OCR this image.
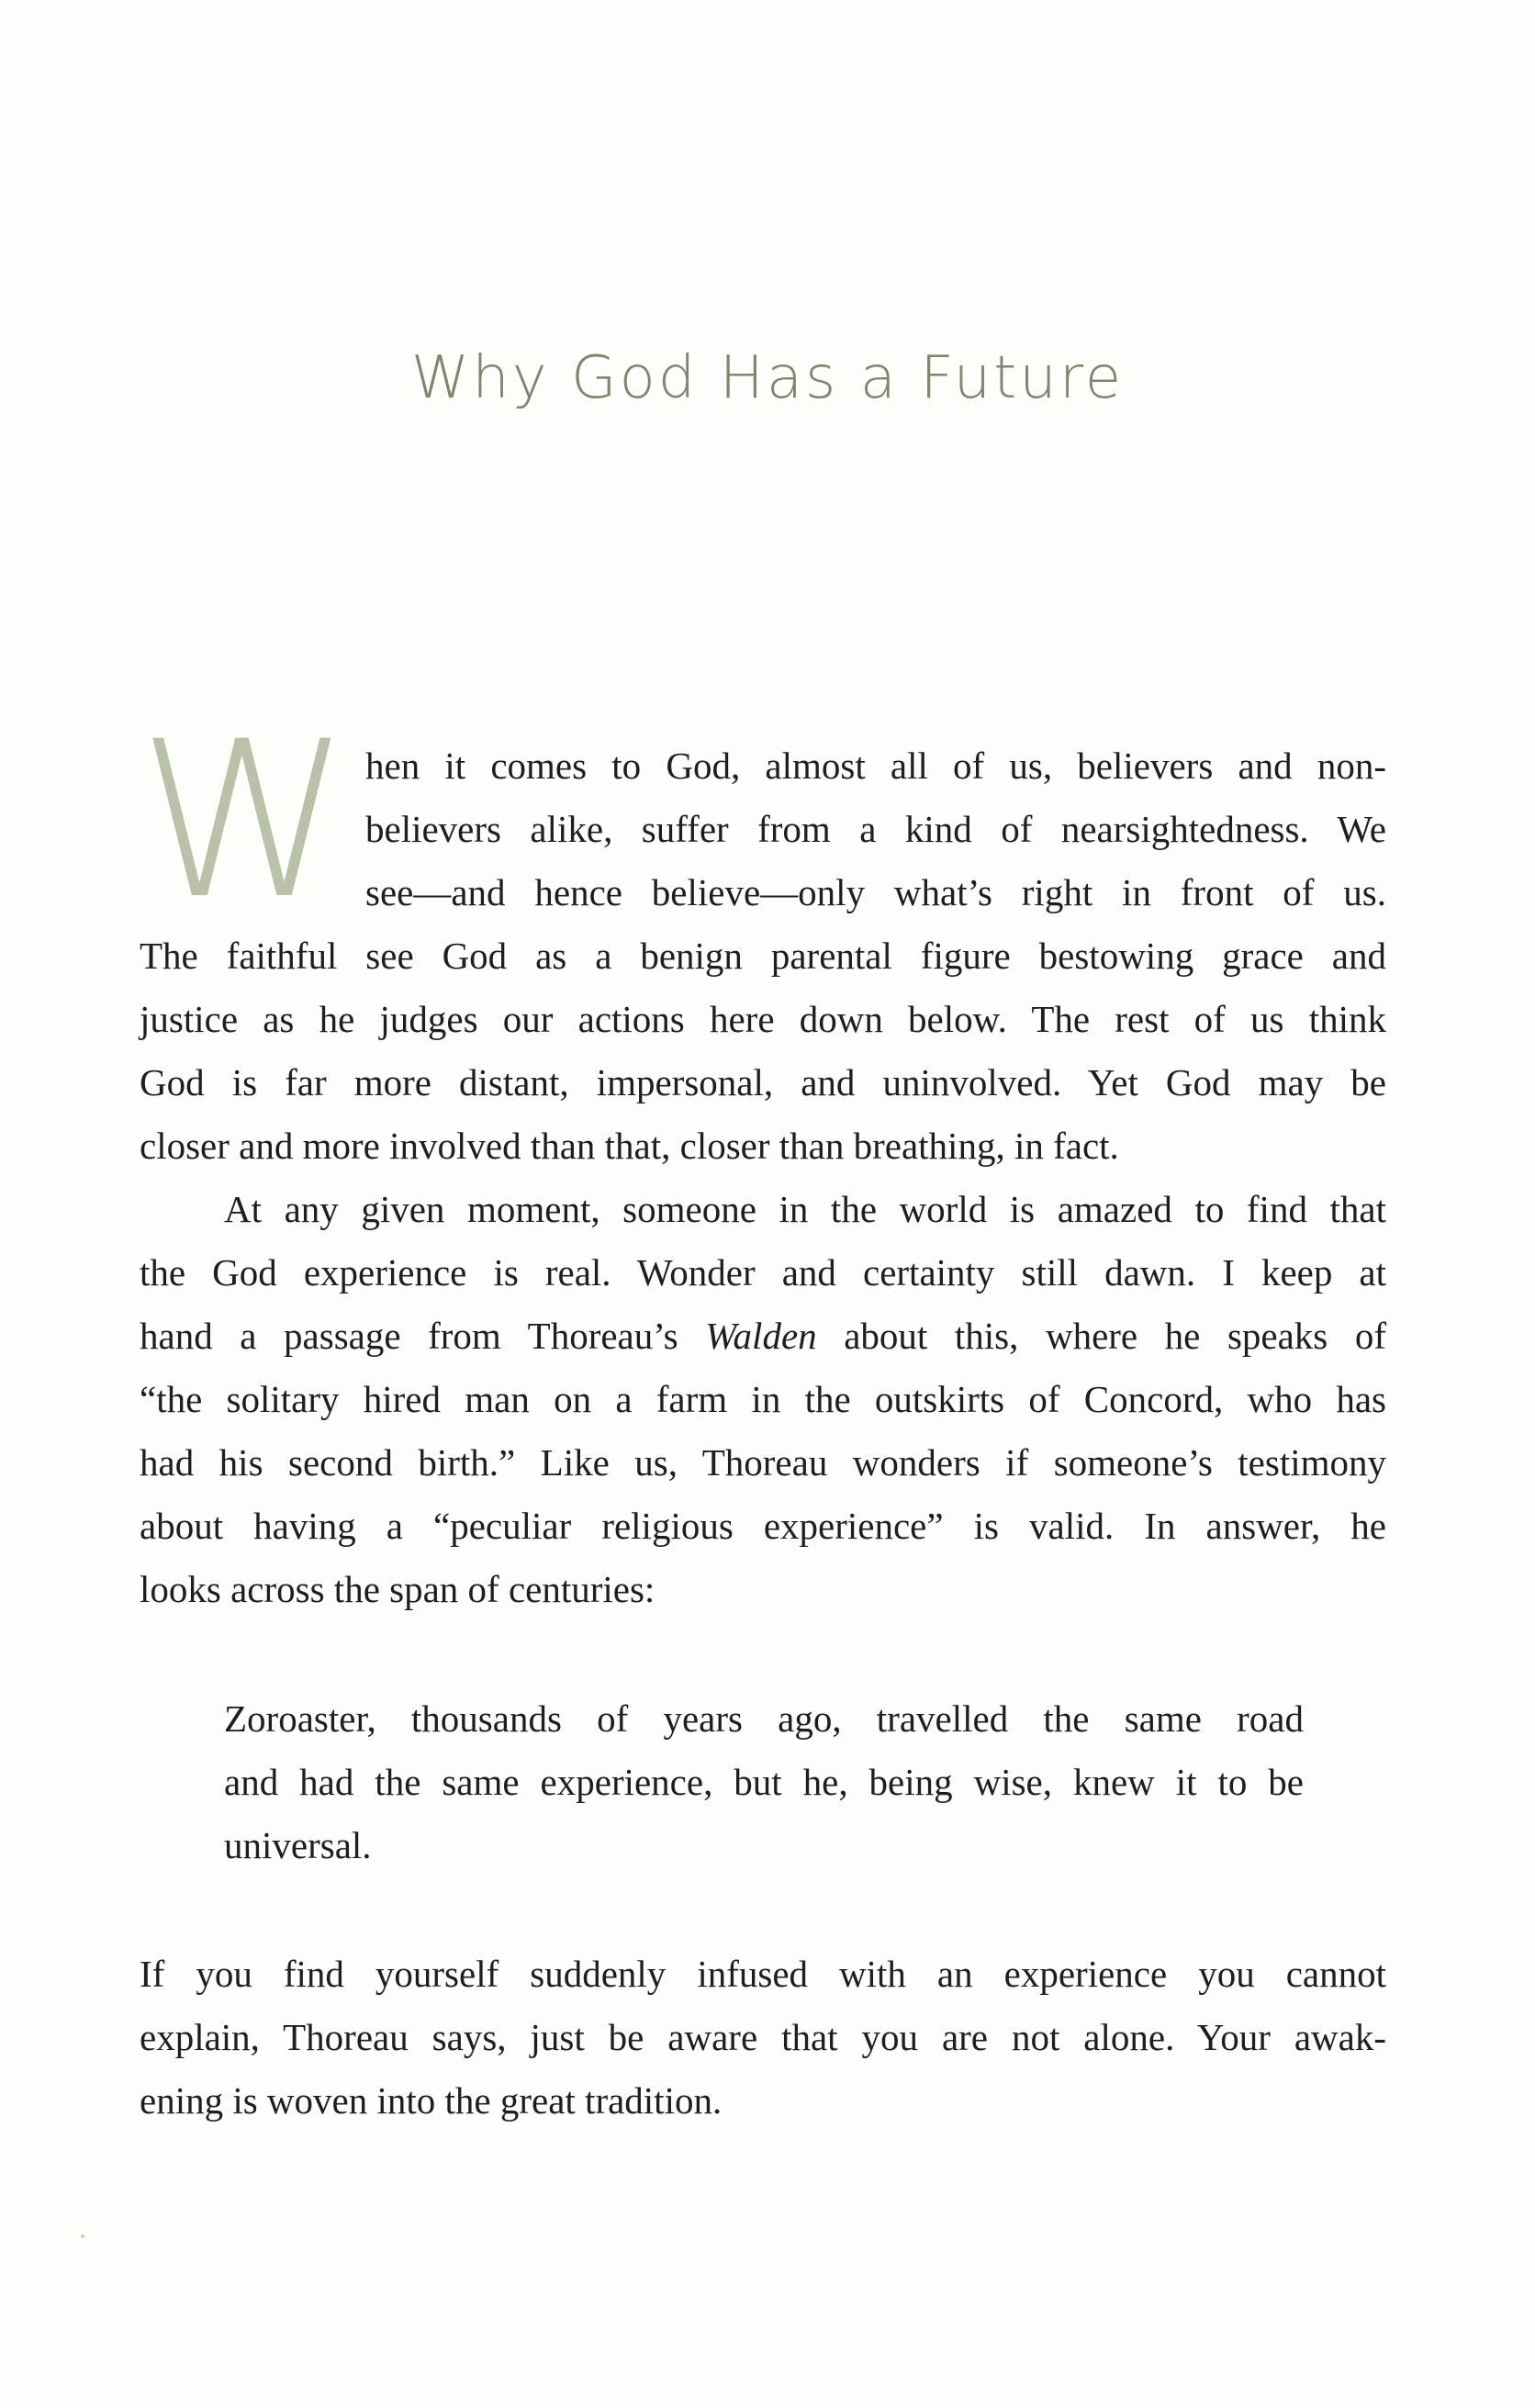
Why God Has a Future
W hen it comes to God, almost all of us, believers and non-
believers alike, suffer from a kind of nearsightedness. We
see—and hence believe—only what’s right in front of us.
The faithful see God as a benign parental figure bestowing grace and
justice as he judges our actions here down below. The rest of us think
God is far more distant, impersonal, and uninvolved. Yet God may be
closer and more involved than that, closer than breathing, in fact.
At any given moment, someone in the world is amazed to find that
the God experience is real. Wonder and certainty still dawn. I keep at
hand a passage from Thoreau’s Walden about this, where he speaks of
“the solitary hired man on a farm in the outskirts of Concord, who has
had his second birth.” Like us, Thoreau wonders if someone’s testimony
about having a “peculiar religious experience” is valid. In answer, he
looks across the span of centuries:
Zoroaster, thousands of years ago, travelled the same road
and had the same experience, but he, being wise, knew it to be
universal.
If you find yourself suddenly infused with an experience you cannot
explain, Thoreau says, just be aware that you are not alone. Your awak-
ening is woven into the great tradition.
